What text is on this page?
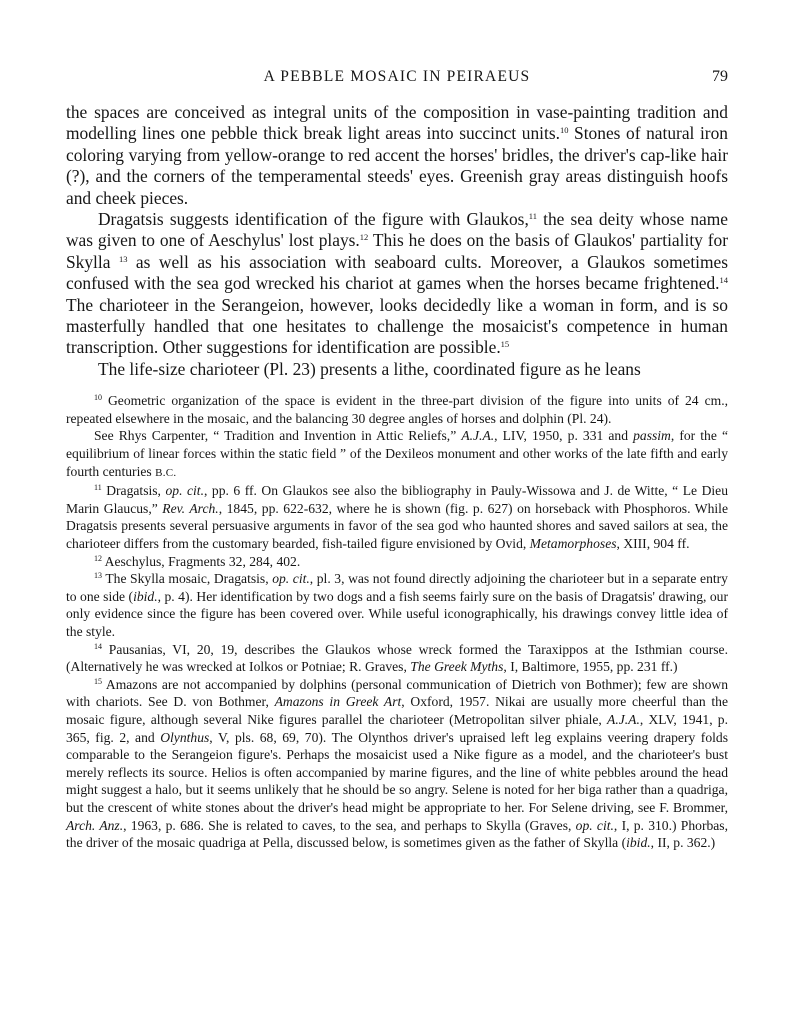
A PEBBLE MOSAIC IN PEIRAEUS	79

the spaces are conceived as integral units of the composition in vase-painting tradition and modelling lines one pebble thick break light areas into succinct units.$^{10}$ Stones of natural iron coloring varying from yellow-orange to red accent the horses' bridles, the driver's cap-like hair (?), and the corners of the temperamental steeds' eyes. Greenish gray areas distinguish hoofs and cheek pieces.

Dragatsis suggests identification of the figure with Glaukos,$^{11}$ the sea deity whose name was given to one of Aeschylus' lost plays.$^{12}$ This he does on the basis of Glaukos' partiality for Skylla $^{13}$ as well as his association with seaboard cults. Moreover, a Glaukos sometimes confused with the sea god wrecked his chariot at games when the horses became frightened.$^{14}$ The charioteer in the Serangeion, however, looks decidedly like a woman in form, and is so masterfully handled that one hesitates to challenge the mosaicist's competence in human transcription. Other suggestions for identification are possible.$^{15}$

The life-size charioteer (Pl. 23) presents a lithe, coordinated figure as he leans

$^{10}$ Geometric organization of the space is evident in the three-part division of the figure into units of 24 cm., repeated elsewhere in the mosaic, and the balancing 30 degree angles of horses and dolphin (Pl. 24).

See Rhys Carpenter, “ Tradition and Invention in Attic Reliefs,” A.J.A., LIV, 1950, p. 331 and passim, for the “ equilibrium of linear forces within the static field ” of the Dexileos monument and other works of the late fifth and early fourth centuries B.C.

$^{11}$ Dragatsis, op. cit., pp. 6 ff. On Glaukos see also the bibliography in Pauly-Wissowa and J. de Witte, “ Le Dieu Marin Glaucus,” Rev. Arch., 1845, pp. 622-632, where he is shown (fig. p. 627) on horseback with Phosphoros. While Dragatsis presents several persuasive arguments in favor of the sea god who haunted shores and saved sailors at sea, the charioteer differs from the customary bearded, fish-tailed figure envisioned by Ovid, Metamorphoses, XIII, 904 ff.

$^{12}$ Aeschylus, Fragments 32, 284, 402.

$^{13}$ The Skylla mosaic, Dragatsis, op. cit., pl. 3, was not found directly adjoining the charioteer but in a separate entry to one side (ibid., p. 4). Her identification by two dogs and a fish seems fairly sure on the basis of Dragatsis' drawing, our only evidence since the figure has been covered over. While useful iconographically, his drawings convey little idea of the style.

$^{14}$ Pausanias, VI, 20, 19, describes the Glaukos whose wreck formed the Taraxippos at the Isthmian course. (Alternatively he was wrecked at Iolkos or Potniae; R. Graves, The Greek Myths, I, Baltimore, 1955, pp. 231 ff.)

$^{15}$ Amazons are not accompanied by dolphins (personal communication of Dietrich von Bothmer); few are shown with chariots. See D. von Bothmer, Amazons in Greek Art, Oxford, 1957. Nikai are usually more cheerful than the mosaic figure, although several Nike figures parallel the charioteer (Metropolitan silver phiale, A.J.A., XLV, 1941, p. 365, fig. 2, and Olynthus, V, pls. 68, 69, 70). The Olynthos driver's upraised left leg explains veering drapery folds comparable to the Serangeion figure's. Perhaps the mosaicist used a Nike figure as a model, and the charioteer's bust merely reflects its source. Helios is often accompanied by marine figures, and the line of white pebbles around the head might suggest a halo, but it seems unlikely that he should be so angry. Selene is noted for her biga rather than a quadriga, but the crescent of white stones about the driver's head might be appropriate to her. For Selene driving, see F. Brommer, Arch. Anz., 1963, p. 686. She is related to caves, to the sea, and perhaps to Skylla (Graves, op. cit., I, p. 310.) Phorbas, the driver of the mosaic quadriga at Pella, discussed below, is sometimes given as the father of Skylla (ibid., II, p. 362.)
